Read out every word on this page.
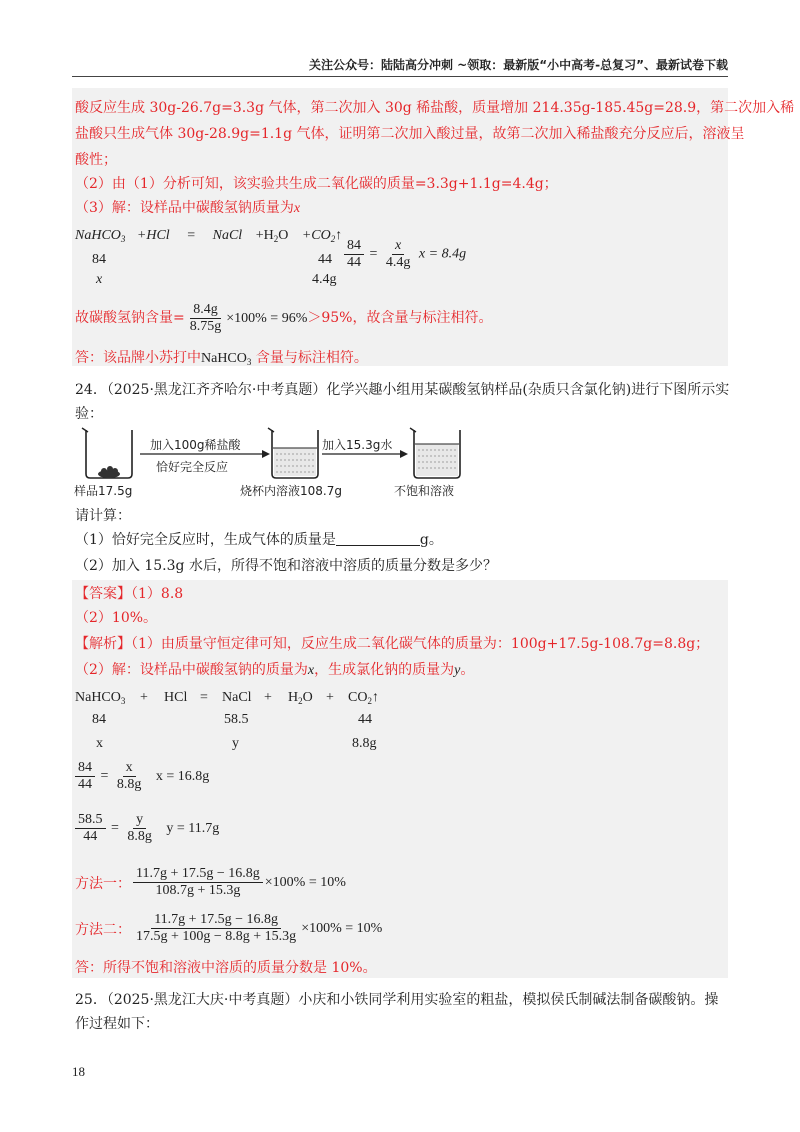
关注公众号：陆陆高分冲刺 ~领取：最新版“小中高考-总复习”、最新试卷下载
酸反应生成 30g-26.7g=3.3g 气体，第二次加入 30g 稀盐酸，质量增加 214.35g-185.45g=28.9，第二次加入稀
盐酸只生成气体 30g-28.9g=1.1g 气体，证明第二次加入酸过量，故第二次加入稀盐酸充分反应后，溶液呈
酸性；
（2）由（1）分析可知，该实验共生成二氧化碳的质量=3.3g+1.1g=4.4g；
（3）解：设样品中碳酸氢钠质量为x
NaHCO$_3$ +HCl = NaCl $+H_2O$ $+CO_2↑$
84	44
x	4.4g
$\frac{84}{44} = \frac{x}{4.4g}$ x = 8.4g
故碳酸氢钠含量= $\frac{8.4g}{8.75g} \times 100\% = 96\%>95\%$，故含量与标注相符。
答：该品牌小苏打中NaHCO$_3$ 含量与标注相符。
24．（2025·黑龙江齐齐哈尔·中考真题）化学兴趣小组用某碳酸氢钠样品(杂质只含氯化钠)进行下图所示实
验：
加入100g稀盐酸
恰好完全反应
加入15.3g水
样品17.5g	烧杯内溶液108.7g	不饱和溶液
请计算：
（1）恰好完全反应时，生成气体的质量是	g。
（2）加入 15.3g 水后，所得不饱和溶液中溶质的质量分数是多少？
【答案】（1）8.8
（2）10%。
【解析】（1）由质量守恒定律可知，反应生成二氧化碳气体的质量为：100g+17.5g-108.7g=8.8g；
（2）解：设样品中碳酸氢钠的质量为x，生成氯化钠的质量为y。
NaHCO$_3$ + HCl = NaCl + $H_2O$ + $CO_2↑$
84	58.5	44
x	y	8.8g
$\frac{84}{44} = \frac{x}{8.8g}$ x = 16.8g
$\frac{58.5}{44} = \frac{y}{8.8g}$ y = 11.7g
方法一： $\frac{11.7g + 17.5g - 16.8g}{108.7g + 15.3g} \times 100\% = 10\%$
方法二： $\frac{11.7g + 17.5g - 16.8g}{17.5g + 100g - 8.8g + 15.3g} \times 100\% = 10\%$
答：所得不饱和溶液中溶质的质量分数是 10%。
25．（2025·黑龙江大庆·中考真题）小庆和小铁同学利用实验室的粗盐，模拟侯氏制碱法制备碳酸钠。操
作过程如下：
18
